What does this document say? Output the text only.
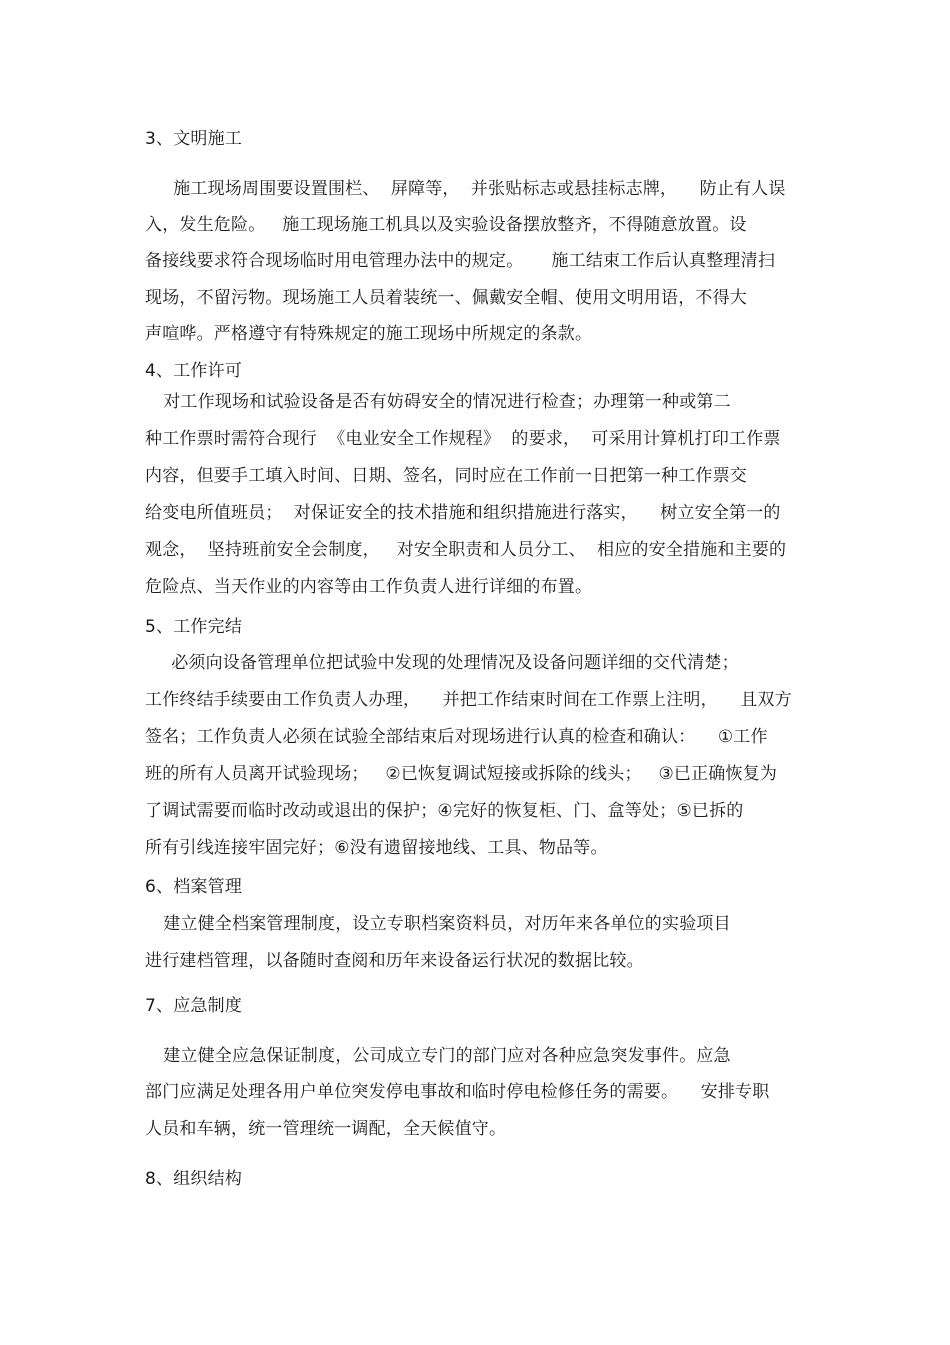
3、文明施工
施工现场周围要设置围栏、  屏障等，  并张贴标志或悬挂标志牌，    防止有人误
入，发生危险。   施工现场施工机具以及实验设备摆放整齐，不得随意放置。设
备接线要求符合现场临时用电管理办法中的规定。     施工结束工作后认真整理清扫
现场，不留污物。现场施工人员着装统一、佩戴安全帽、使用文明用语，不得大
声喧哗。严格遵守有特殊规定的施工现场中所规定的条款。
4、工作许可
对工作现场和试验设备是否有妨碍安全的情况进行检查；办理第一种或第二
种工作票时需符合现行  《电业安全工作规程》  的要求，  可采用计算机打印工作票
内容，但要手工填入时间、日期、签名，同时应在工作前一日把第一种工作票交
给变电所值班员；  对保证安全的技术措施和组织措施进行落实，    树立安全第一的
观念，  坚持班前安全会制度，   对安全职责和人员分工、  相应的安全措施和主要的
危险点、当天作业的内容等由工作负责人进行详细的布置。
5、工作完结
必须向设备管理单位把试验中发现的处理情况及设备问题详细的交代清楚；
工作终结手续要由工作负责人办理，    并把工作结束时间在工作票上注明，    且双方
签名；工作负责人必须在试验全部结束后对现场进行认真的检查和确认：    ①工作
班的所有人员离开试验现场；   ②已恢复调试短接或拆除的线头；   ③已正确恢复为
了调试需要而临时改动或退出的保护；④完好的恢复柜、门、盒等处；⑤已拆的
所有引线连接牢固完好；⑥没有遗留接地线、工具、物品等。
6、档案管理
建立健全档案管理制度，设立专职档案资料员，对历年来各单位的实验项目
进行建档管理，以备随时查阅和历年来设备运行状况的数据比较。
7、应急制度
建立健全应急保证制度，公司成立专门的部门应对各种应急突发事件。应急
部门应满足处理各用户单位突发停电事故和临时停电检修任务的需要。    安排专职
人员和车辆，统一管理统一调配，全天候值守。
8、组织结构
